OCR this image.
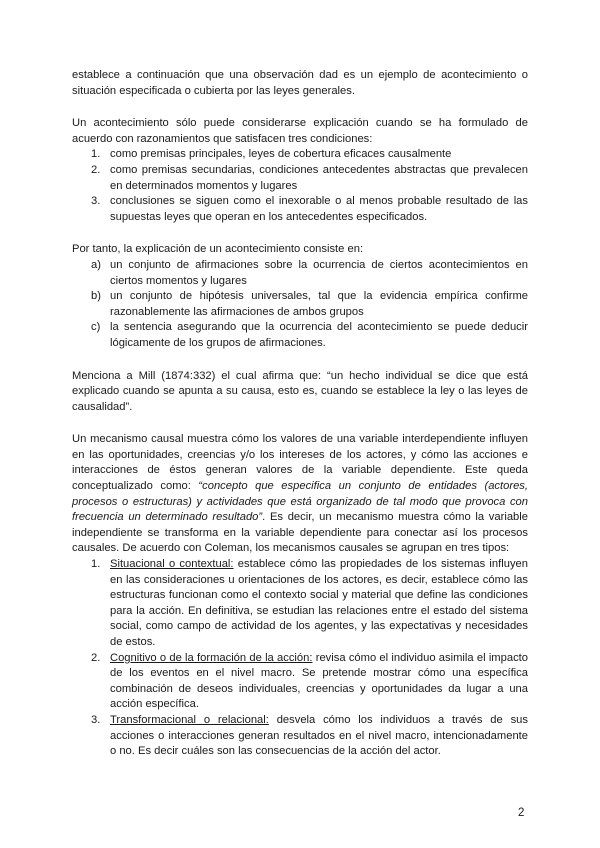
establece a continuación que una observación dad es un ejemplo de acontecimiento o situación especificada o cubierta por las leyes generales.

Un acontecimiento sólo puede considerarse explicación cuando se ha formulado de acuerdo con razonamientos que satisfacen tres condiciones:

1. como premisas principales, leyes de cobertura eficaces causalmente
2. como premisas secundarias, condiciones antecedentes abstractas que prevalecen en determinados momentos y lugares
3. conclusiones se siguen como el inexorable o al menos probable resultado de las supuestas leyes que operan en los antecedentes especificados.

Por tanto, la explicación de un acontecimiento consiste en:

a) un conjunto de afirmaciones sobre la ocurrencia de ciertos acontecimientos en ciertos momentos y lugares
b) un conjunto de hipótesis universales, tal que la evidencia empírica confirme razonablemente las afirmaciones de ambos grupos
c) la sentencia asegurando que la ocurrencia del acontecimiento se puede deducir lógicamente de los grupos de afirmaciones.

Menciona a Mill (1874:332) el cual afirma que: “un hecho individual se dice que está explicado cuando se apunta a su causa, esto es, cuando se establece la ley o las leyes de causalidad”.

Un mecanismo causal muestra cómo los valores de una variable interdependiente influyen en las oportunidades, creencias y/o los intereses de los actores, y cómo las acciones e interacciones de éstos generan valores de la variable dependiente. Este queda conceptualizado como: “concepto que especifica un conjunto de entidades (actores, procesos o estructuras) y actividades que está organizado de tal modo que provoca con frecuencia un determinado resultado”. Es decir, un mecanismo muestra cómo la variable independiente se transforma en la variable dependiente para conectar así los procesos causales. De acuerdo con Coleman, los mecanismos causales se agrupan en tres tipos:

1. Situacional o contextual: establece cómo las propiedades de los sistemas influyen en las consideraciones u orientaciones de los actores, es decir, establece cómo las estructuras funcionan como el contexto social y material que define las condiciones para la acción. En definitiva, se estudian las relaciones entre el estado del sistema social, como campo de actividad de los agentes, y las expectativas y necesidades de estos.
2. Cognitivo o de la formación de la acción: revisa cómo el individuo asimila el impacto de los eventos en el nivel macro. Se pretende mostrar cómo una específica combinación de deseos individuales, creencias y oportunidades da lugar a una acción específica.
3. Transformacional o relacional: desvela cómo los individuos a través de sus acciones o interacciones generan resultados en el nivel macro, intencionadamente o no. Es decir cuáles son las consecuencias de la acción del actor.
2
